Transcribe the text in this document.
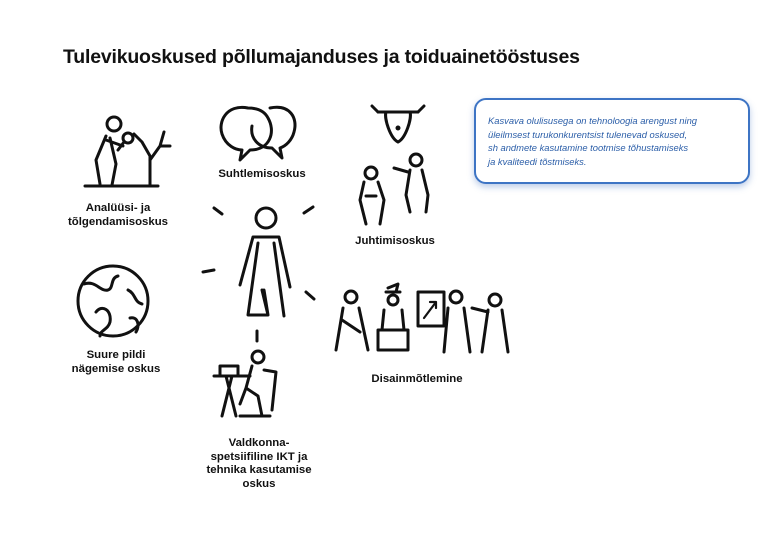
Tulevikuoskused põllumajanduses ja toiduainetööstuses
Kasvava olulisusega on tehnoloogia arengust ning
üleilmsest turukonkurentsist tulenevad oskused,
sh andmete kasutamine tootmise tõhustamiseks
ja kvaliteedi tõstmiseks.
Analüüsi- ja
tõlgendamisoskus
Suhtlemisoskus
Juhtimisoskus
Suure pildi
nägemise oskus
Disainmõtlemine
Valdkonna-
spetsiifiline IKT ja
tehnika kasutamise
oskus
